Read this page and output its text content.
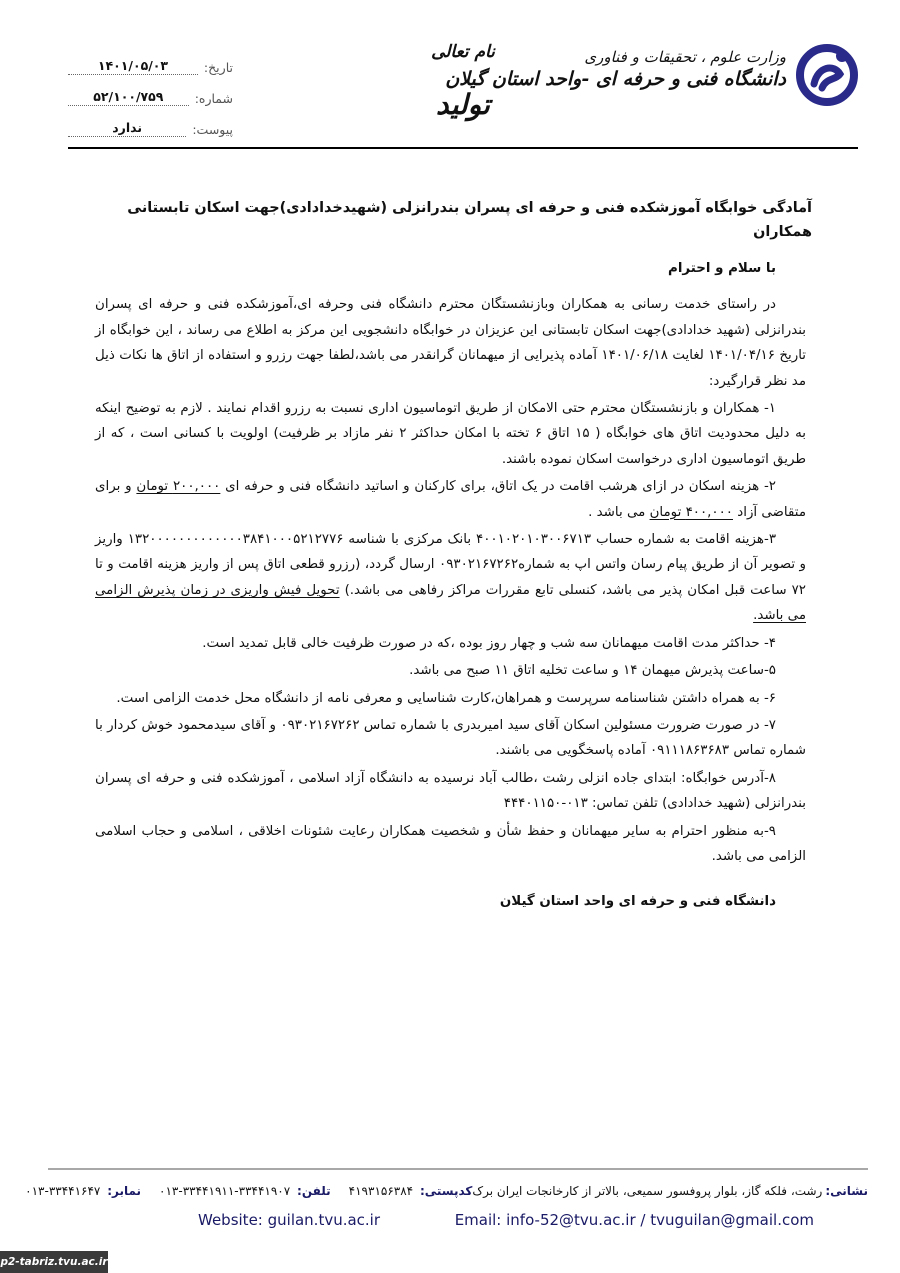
وزارت علوم ، تحقیقات و فناوری
دانشگاه فنی و حرفه ای -واحد استان گیلان
نام تعالی
تولید
تاریخ:
۱۴۰۱/۰۵/۰۳
شماره:
۵۲/۱۰۰/۷۵۹
پیوست:
ندارد
آمادگی خوابگاه آموزشکده فنی و حرفه ای پسران بندرانزلی (شهیدخدادادی)جهت اسکان تابستانی همکاران
با سلام و احترام

در راستای خدمت رسانی به همکاران وبازنشستگان محترم دانشگاه فنی وحرفه ای،آموزشکده فنی و حرفه ای پسران بندرانزلی (شهید خدادادی)جهت اسکان تابستانی این عزیزان در خوابگاه دانشجویی این مرکز به اطلاع می رساند ، این خوابگاه از تاریخ ۱۴۰۱/۰۴/۱۶ لغایت ۱۴۰۱/۰۶/۱۸ آماده پذیرایی از میهمانان گرانقدر می باشد،لطفا جهت رزرو و استفاده از اتاق ها نکات ذیل مد نظر قرارگیرد:

۱- همکاران و بازنشستگان محترم حتی الامکان از طریق اتوماسیون اداری نسبت به رزرو اقدام نمایند . لازم به توضیح اینکه به دلیل محدودیت اتاق های خوابگاه ( ۱۵ اتاق ۶ تخته با امکان حداکثر ۲ نفر مازاد بر ظرفیت) اولویت با کسانی است ، که از طریق اتوماسیون اداری درخواست اسکان نموده باشند.

۲- هزینه اسکان در ازای هرشب اقامت در یک اتاق، برای کارکنان و اساتید دانشگاه فنی و حرفه ای ۲۰۰,۰۰۰ تومان و برای متقاضی آزاد ۴۰۰,۰۰۰ تومان می باشد .

۳-هزینه اقامت به شماره حساب ۴۰۰۱۰۲۰۱۰۳۰۰۶۷۱۳ بانک مرکزی با شناسه ۱۳۲۰۰۰۰۰۰۰۰۰۰۰۰۰۳۸۴۱۰۰۰۵۲۱۲۷۷۶ واریز و تصویر آن از طریق پیام رسان واتس اپ به شماره۰۹۳۰۲۱۶۷۲۶۲ ارسال گردد، (رزرو قطعی اتاق پس از واریز هزینه اقامت و تا ۷۲ ساعت قبل امکان پذیر می باشد، کنسلی تابع مقررات مراکز رفاهی می باشد.) تحویل فیش واریزی در زمان پذیرش الزامی می باشد.

۴- حداکثر مدت اقامت میهمانان سه شب و چهار روز بوده ،که در صورت ظرفیت خالی قابل تمدید است.

۵-ساعت پذیرش میهمان ۱۴ و ساعت تخلیه اتاق ۱۱ صبح می باشد.

۶- به همراه داشتن شناسنامه سرپرست و همراهان،کارت شناسایی و معرفی نامه از دانشگاه محل خدمت الزامی است.

۷- در صورت ضرورت مسئولین اسکان آقای سید امیربدری با شماره تماس ۰۹۳۰۲۱۶۷۲۶۲ و آقای سیدمحمود خوش کردار با شماره تماس ۰۹۱۱۱۸۶۳۶۸۳ آماده پاسخگویی می باشند.

۸-آدرس خوابگاه: ابتدای جاده انزلی رشت ،طالب آباد نرسیده به دانشگاه آزاد اسلامی ، آموزشکده فنی و حرفه ای پسران بندرانزلی (شهید خدادادی) تلفن تماس: ۰۱۳-۴۴۴۰۱۱۵۰

۹-به منظور احترام به سایر میهمانان و حفظ شأن و شخصیت همکاران رعایت شئونات اخلاقی ، اسلامی و حجاب اسلامی الزامی می باشد.

دانشگاه فنی و حرفه ای واحد استان گیلان
نشانی:
رشت، فلکه گاز، بلوار پروفسور سمیعی، بالاتر از کارخانجات ایران برک
کدپستی: ۴۱۹۳۱۵۶۳۸۴
تلفن: ۳۳۴۴۱۹۰۷-۳۳۴۴۱۹۱۱-۰۱۳
نمابر: ۳۳۴۴۱۶۴۷-۰۱۳
Email: info-52@tvu.ac.ir / tvuguilan@gmail.com
Website: guilan.tvu.ac.ir
p2-tabriz.tvu.ac.ir
